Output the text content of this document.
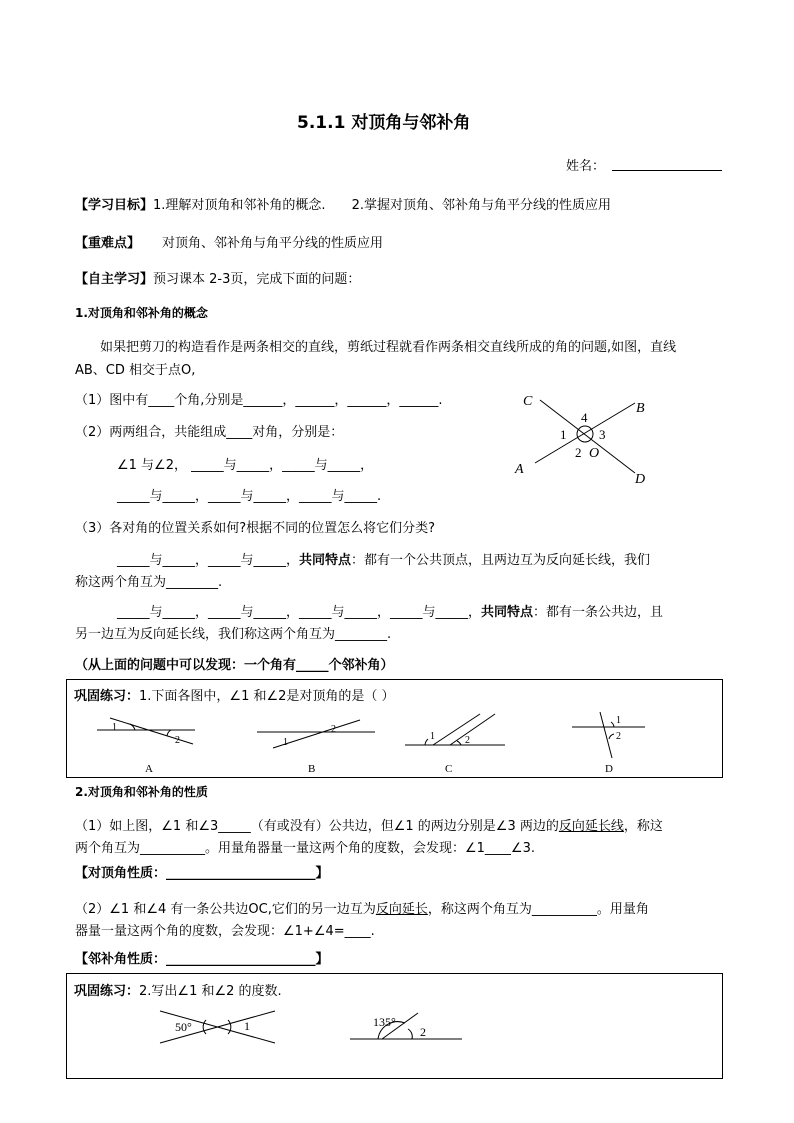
5.1.1 对顶角与邻补角
姓名：
【学习目标】1.理解对顶角和邻补角的概念. 2.掌握对顶角、邻补角与角平分线的性质应用
【重难点】 对顶角、邻补角与角平分线的性质应用
【自主学习】预习课本 2-3页，完成下面的问题：
1.对顶角和邻补角的概念
如果把剪刀的构造看作是两条相交的直线，剪纸过程就看作两条相交直线所成的角的问题,如图，直线
AB、CD 相交于点O,
（1）图中有____个角,分别是______，______，______，______.
（2）两两组合，共能组成____对角，分别是：
∠1 与∠2， _____与_____，_____与_____，
_____与_____，_____与_____，_____与_____.
C	B
A
D
O
1
2
3
4
（3）各对角的位置关系如何?根据不同的位置怎么将它们分类?
_____与_____，_____与_____，共同特点：都有一个公共顶点，且两边互为反向延长线，我们
称这两个角互为________.
_____与_____，_____与_____，_____与_____，_____与_____，共同特点：都有一条公共边，且
另一边互为反向延长线，我们称这两个角互为________.
（从上面的问题中可以发现：一个角有_____个邻补角）
巩固练习：1.下面各图中，∠1 和∠2是对顶角的是（ ）
1
2
A
1
2
B
1	2
C
1
2
D
2.对顶角和邻补角的性质
（1）如上图，∠1 和∠3_____（有或没有）公共边，但∠1 的两边分别是∠3 两边的反向延长线，称这
两个角互为__________。用量角器量一量这两个角的度数，会发现：∠1____∠3.
【对顶角性质：_______________________】
（2）∠1 和∠4 有一条公共边OC,它们的另一边互为反向延长，称这两个角互为__________。用量角
器量一量这两个角的度数，会发现：∠1+∠4=____.
【邻补角性质：_______________________】
巩固练习：2.写出∠1 和∠2 的度数.
50°	1	135°
2
